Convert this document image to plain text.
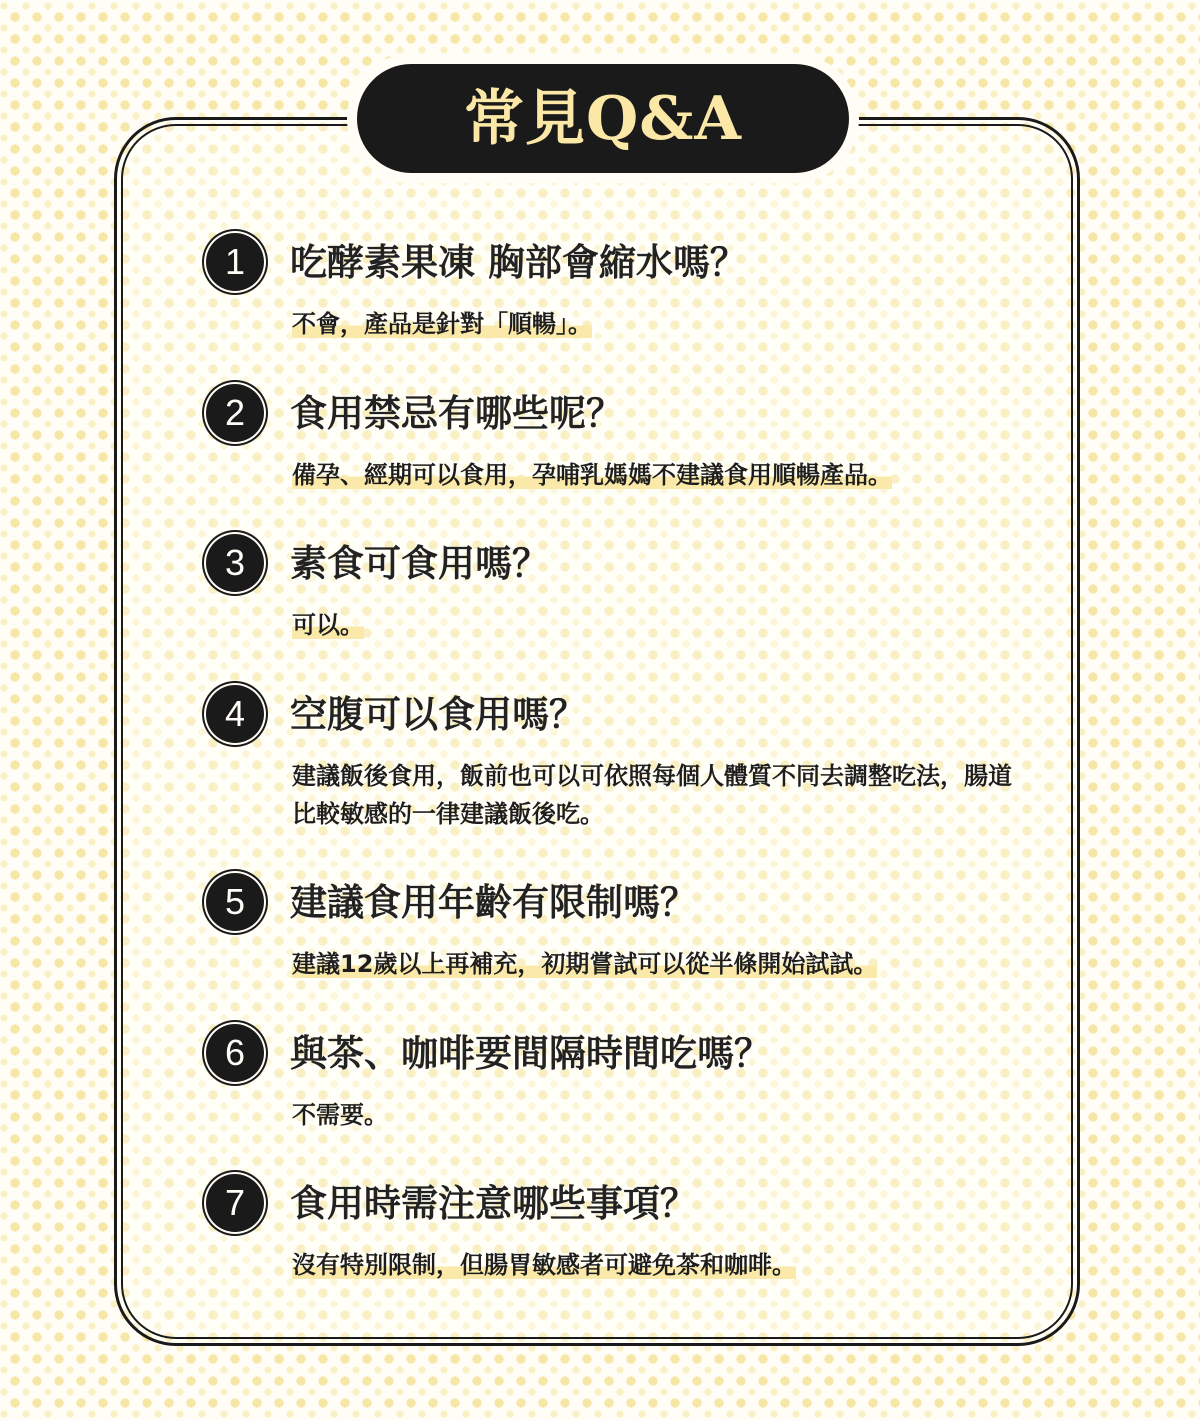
常見Q&A
1 吃酵素果凍 胸部會縮水嗎？
不會，產品是針對「順暢」。
2 食用禁忌有哪些呢？
備孕、經期可以食用，孕哺乳媽媽不建議食用順暢產品。
3 素食可食用嗎？
可以。
4 空腹可以食用嗎？
建議飯後食用，飯前也可以可依照每個人體質不同去調整吃法，腸道比較敏感的一律建議飯後吃。
5 建議食用年齡有限制嗎？
建議12歲以上再補充，初期嘗試可以從半條開始試試。
6 與茶、咖啡要間隔時間吃嗎？
不需要。
7 食用時需注意哪些事項？
沒有特別限制，但腸胃敏感者可避免茶和咖啡。
